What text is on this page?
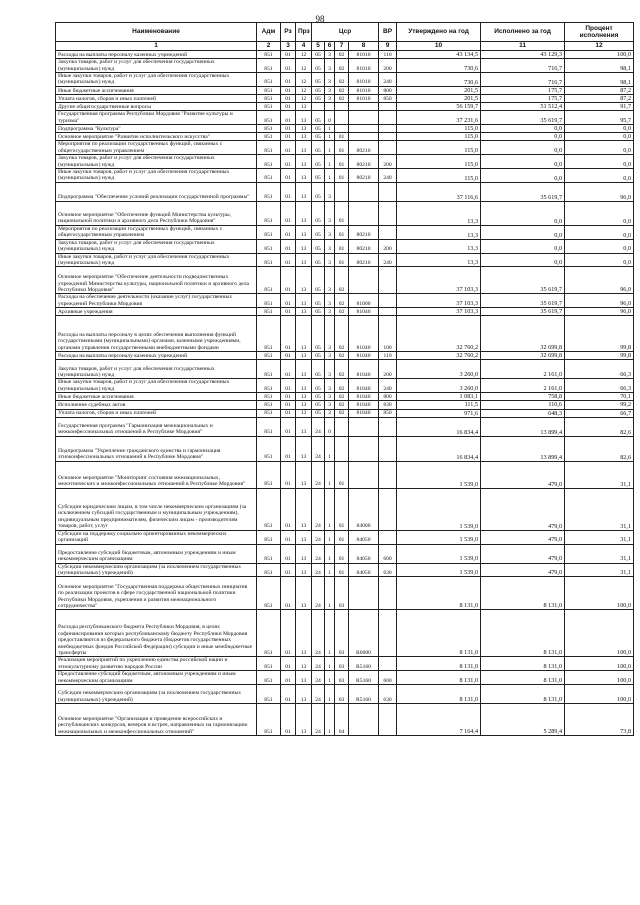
98
Наименование	Адм	Рз	Прз	Цср				ВР	Утверждено на год	Исполнено за год	Процент исполнения
1	2	3	4	5	6	7	8	9	10	11	12
Расходы на выплаты персоналу казенных учреждений	851	01	12	05	3	02	81010	110	43 134,5	43 129,3	100,0
Закупка товаров, работ и услуг для обеспечения государственных (муниципальных) нужд	851	01	12	05	3	02	81010	200	730,6	716,7	98,1
Иные закупки товаров, работ и услуг для обеспечения государственных (муниципальных) нужд	851	01	12	05	3	02	81010	240	730,6	716,7	98,1
Иные бюджетные ассигнования	851	01	12	05	3	02	81010	800	201,5	175,7	87,2
Уплата налогов, сборов и иных платежей	851	01	12	05	3	02	81010	850	201,5	175,7	87,2
Другие общегосударственные вопросы	851	01	13						56 159,7	51 512,4	91,7
Государственная программа Республики Мордовия "Развитие культуры и туризма"	851	01	13	05	0				37 231,6	35 619,7	95,7
Подпрограмма "Культура"	851	01	13	05	1				115,0	0,0	0,0
Основное мероприятие "Развитие исполнительского искусства"	851	01	13	05	1	01			115,0	0,0	0,0
Мероприятия по реализации государственных функций, связанных с общегосударственным управлением	851	01	13	05	1	01	80210		115,0	0,0	0,0
Закупка товаров, работ и услуг для обеспечения государственных (муниципальных) нужд	851	01	13	05	1	01	80210	200	115,0	0,0	0,0
Иные закупки товаров, работ и услуг для обеспечения государственных (муниципальных) нужд	851	01	13	05	1	01	80210	240	115,0	0,0	0,0
Подпрограмма "Обеспечение условий реализации государственной программы"	851	01	13	05	3				37 116,6	35 619,7	96,0
Основное мероприятие "Обеспечение функций Министерства культуры, национальной политики и архивного дела Республики Мордовия"	851	01	13	05	3	01			13,3	0,0	0,0
Мероприятия по реализации государственных функций, связанных с общегосударственным управлением	851	01	13	05	3	01	80210		13,3	0,0	0,0
Закупка товаров, работ и услуг для обеспечения государственных (муниципальных) нужд	851	01	13	05	3	01	80210	200	13,3	0,0	0,0
Иные закупки товаров, работ и услуг для обеспечения государственных (муниципальных) нужд	851	01	13	05	3	01	80210	240	13,3	0,0	0,0
Основное мероприятие "Обеспечение деятельности подведомственных учреждений Министерства культуры, национальной политики и архивного дела Республики Мордовия"	851	01	13	05	3	02			37 103,3	35 619,7	96,0
Расходы на обеспечение деятельности (оказание услуг) государственных учреждений Республики Мордовия	851	01	13	05	3	02	81000		37 103,3	35 619,7	96,0
Архивные учреждения	851	01	13	05	3	02	81040		37 103,3	35 619,7	96,0
Расходы на выплаты персоналу в целях обеспечения выполнения функций государственными (муниципальными) органами, казенными учреждениями, органами управления государственными внебюджетными фондами	851	01	13	05	3	02	81040	100	32 760,2	32 699,8	99,8
Расходы на выплаты персоналу казенных учреждений	851	01	13	05	3	02	81040	110	32 760,2	32 699,8	99,8
Закупка товаров, работ и услуг для обеспечения государственных (муниципальных) нужд	851	01	13	05	3	02	81040	200	3 260,0	2 161,0	66,3
Иные закупки товаров, работ и услуг для обеспечения государственных (муниципальных) нужд	851	01	13	05	3	02	81040	240	3 260,0	2 161,0	66,3
Иные бюджетные ассигнования	851	01	13	05	3	02	81040	800	1 083,1	758,8	70,1
Исполнение судебных актов	851	01	13	05	3	02	81040	830	111,5	110,6	99,2
Уплата налогов, сборов и иных платежей	851	01	13	05	3	02	81040	850	971,6	648,3	66,7
Государственная программа "Гармонизация межнациональных и межконфессиональных отношений в Республике Мордовия"	851	01	13	24	0				16 834,4	13 899,4	82,6
Подпрограмма "Укрепление гражданского единства и гармонизация этноконфессиональных отношений в Республике Мордовия"	851	01	13	24	1				16 834,4	13 899,4	82,6
Основное мероприятие "Мониторинг состояния межнациональных, межэтнических и межконфессиональных отношений в Республике Мордовия"	851	01	13	24	1	01			1 539,0	479,0	31,1
Субсидии юридическим лицам, в том числе некоммерческим организациям (за исключением субсидий государственным и муниципальным учреждениям), индивидуальным предпринимателям, физическим лицам - производителям товаров, работ, услуг	851	01	13	24	1	01	84000		1 539,0	479,0	31,1
Субсидии на поддержку социально ориентированных некоммерческих организаций	851	01	13	24	1	01	84050		1 539,0	479,0	31,1
Предоставление субсидий бюджетным, автономным учреждениям и иным некоммерческим организациям	851	01	13	24	1	01	84050	600	1 539,0	479,0	31,1
Субсидии некоммерческим организациям (за исключением государственных (муниципальных) учреждений)	851	01	13	24	1	01	84050	630	1 539,0	479,0	31,1
Основное мероприятие "Государственная поддержка общественных инициатив по реализации проектов в сфере государственной национальной политики Республики Мордовия, укрепления и развития межнационального сотрудничества"	851	01	13	24	1	03			8 131,0	8 131,0	100,0
Расходы республиканского бюджета Республики Мордовия, в целях софинансирования которых республиканскому бюджету Республики Мордовия предоставляются из федерального бюджета (бюджетов государственных внебюджетных фондов Российской Федерации) субсидии и иные межбюджетные трансферты	851	01	13	24	1	03	R0000		8 131,0	8 131,0	100,0
Реализация мероприятий по укреплению единства российской нации и этнокультурному развитию народов России	851	01	13	24	1	03	R5160		8 131,0	8 131,0	100,0
Предоставление субсидий бюджетным, автономным учреждениям и иным некоммерческим организациям	851	01	13	24	1	03	R5160	600	8 131,0	8 131,0	100,0
Субсидии некоммерческим организациям (за исключением государственных (муниципальных) учреждений)	851	01	13	24	1	03	R5160	630	8 131,0	8 131,0	100,0
Основное мероприятие "Организация и проведение всероссийских и республиканских конкурсов, вечеров и встреч, направленных на гармонизацию межнациональных и межконфессиональных отношений"	851	01	13	24	1	04			7 164,4	5 289,4	73,8
